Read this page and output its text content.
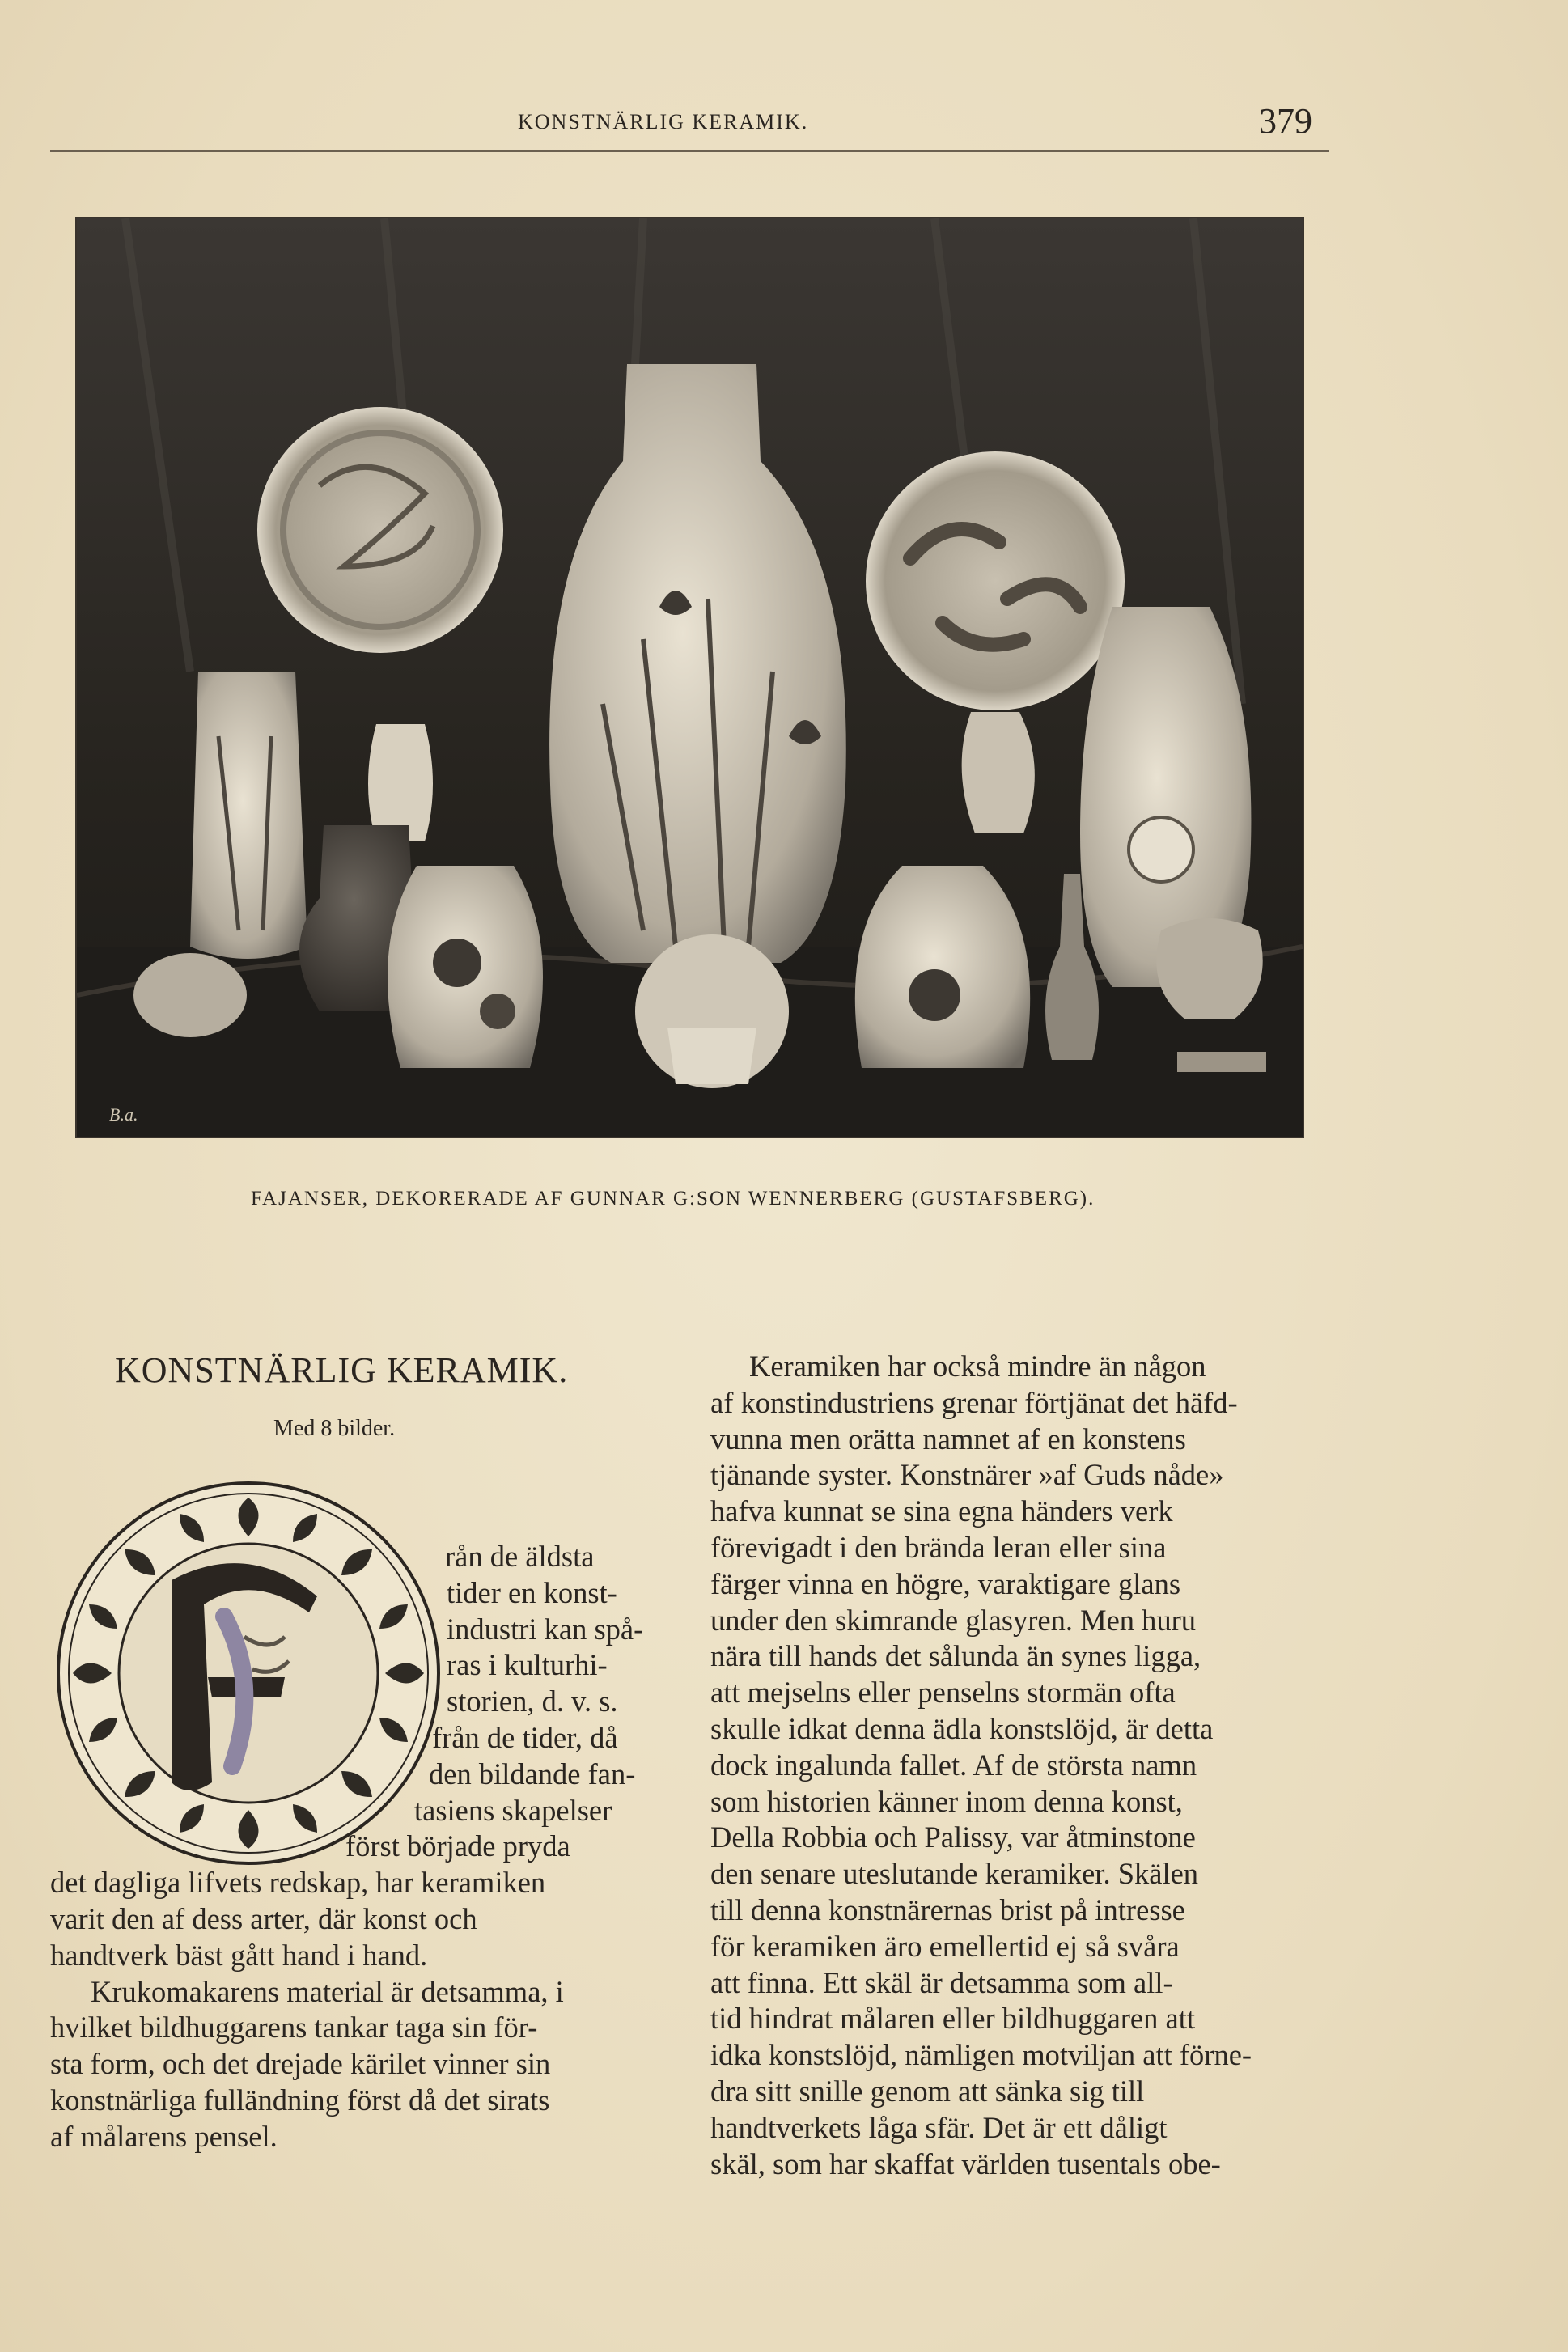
KONSTNÄRLIG KERAMIK.	379
B.a.
FAJANSER, DEKORERADE AF GUNNAR G:SON WENNERBERG (GUSTAFSBERG).
KONSTNÄRLIG KERAMIK.
Med 8 bilder.
rån de äldsta
tider en konst-
industri kan spå-
ras i kulturhi-
storien, d. v. s.
från de tider, då
den bildande fan-
tasiens skapelser
först började pryda
det dagliga lifvets redskap, har keramiken
varit den af dess arter, där konst och
handtverk bäst gått hand i hand.
Krukomakarens material är detsamma, i
hvilket bildhuggarens tankar taga sin för-
sta form, och det drejade kärilet vinner sin
konstnärliga fulländning först då det sirats
af målarens pensel.
Keramiken har också mindre än någon
af konstindustriens grenar förtjänat det häfd-
vunna men orätta namnet af en konstens
tjänande syster. Konstnärer »af Guds nåde»
hafva kunnat se sina egna händers verk
förevigadt i den brända leran eller sina
färger vinna en högre, varaktigare glans
under den skimrande glasyren. Men huru
nära till hands det sålunda än synes ligga,
att mejselns eller penselns stormän ofta
skulle idkat denna ädla konstslöjd, är detta
dock ingalunda fallet. Af de största namn
som historien känner inom denna konst,
Della Robbia och Palissy, var åtminstone
den senare uteslutande keramiker. Skälen
till denna konstnärernas brist på intresse
för keramiken äro emellertid ej så svåra
att finna. Ett skäl är detsamma som all-
tid hindrat målaren eller bildhuggaren att
idka konstslöjd, nämligen motviljan att förne-
dra sitt snille genom att sänka sig till
handtverkets låga sfär. Det är ett dåligt
skäl, som har skaffat världen tusentals obe-
